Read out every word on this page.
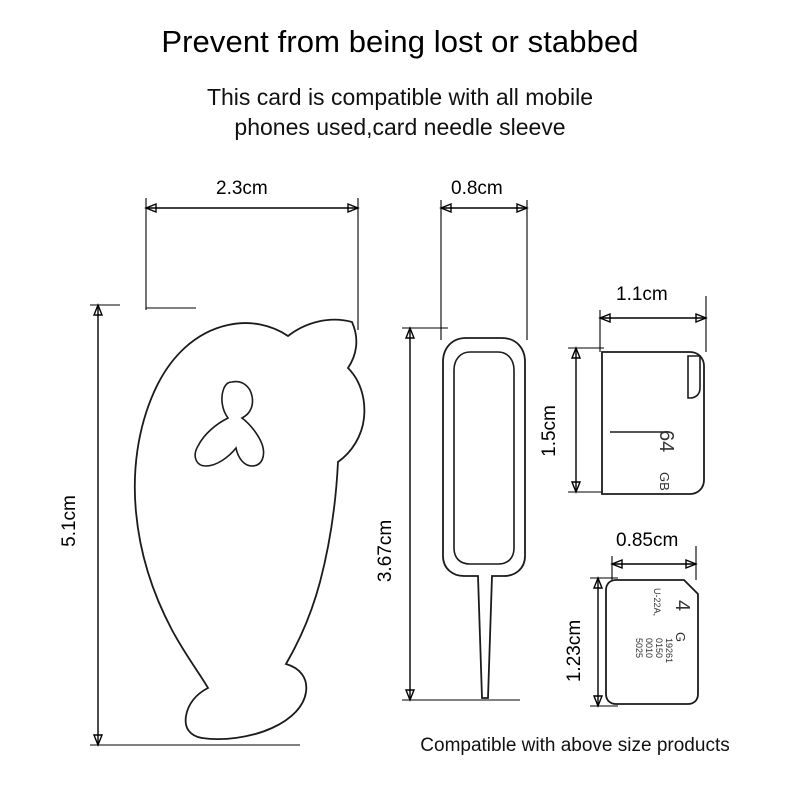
Prevent from being lost or stabbed
This card is compatible with all mobile
phones used,card needle sleeve
64
GB
4
G
U-22A,
5025 0010 0150 19261
2.3cm
5.1cm
0.8cm
3.67cm
1.1cm
1.5cm
0.85cm
1.23cm
Compatible with above size products
